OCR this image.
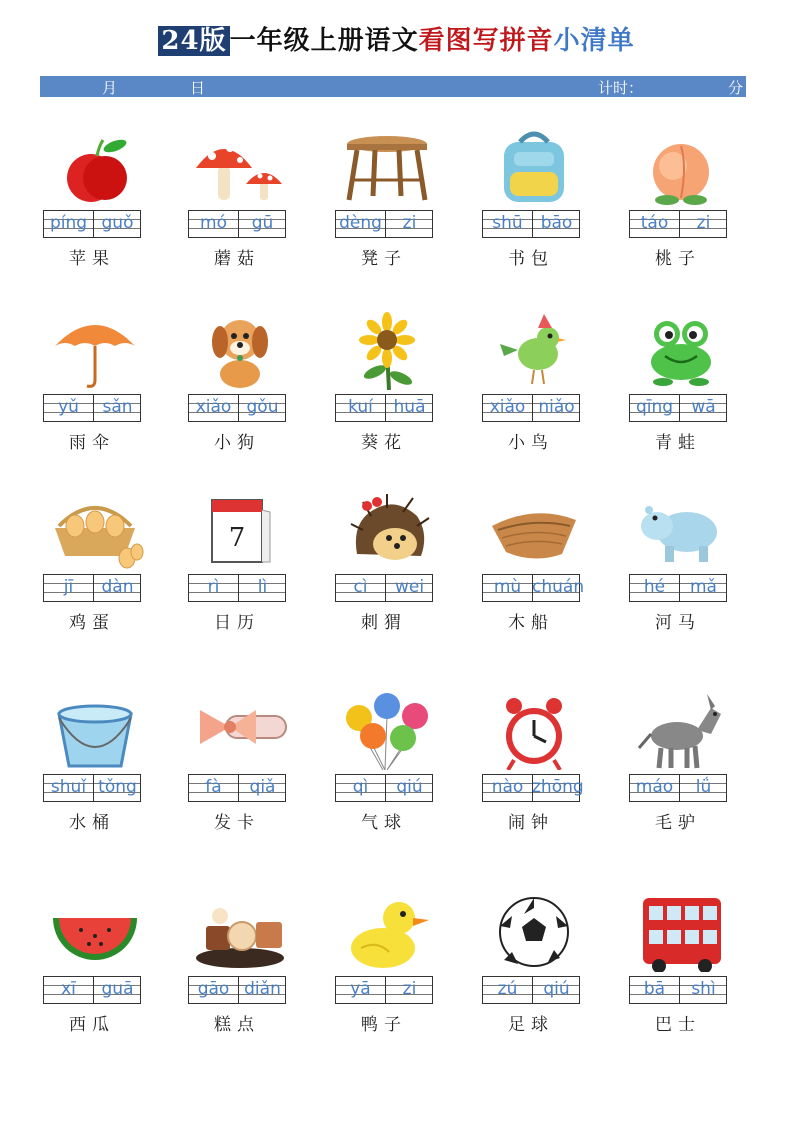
24版 一年级上册语文看图写拼音小清单
月	日	计时：	分
píng guǒ
苹果
mó	gū
蘑菇
dèng	zi
凳子
shū	bāo
书包
táo	zi
桃子
yǔ	sǎn
雨伞
xiǎo gǒu
小狗
kuí	huā
葵花
xiǎo niǎo
小鸟
qīng	wā
青蛙
jī	dàn
鸡蛋
7
rì	lì
日历
cì	wei
刺猬
mù chuán
木船
hé	mǎ
河马
shuǐ tǒng
水桶
fà	qiǎ
发卡
qì	qiú
气球
nào zhōng
闹钟
máo	lǘ
毛驴
xī	guā
西瓜
gāo diǎn
糕点
yā	zi
鸭子
zú	qiú
足球
bā	shì
巴士
